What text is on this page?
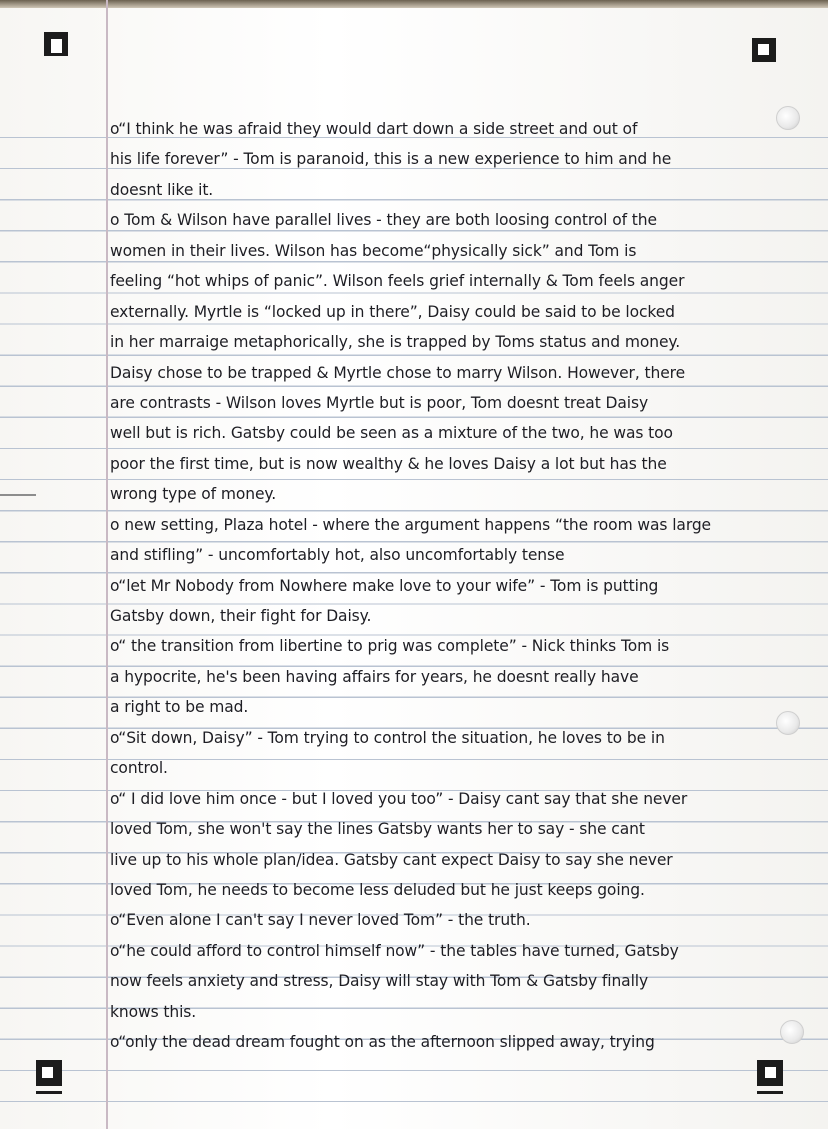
o“I think he was afraid they would dart down a side street and out of
his life forever” - Tom is paranoid, this is a new experience to him and he
doesnt like it.
o Tom & Wilson have parallel lives - they are both loosing control of the
women in their lives. Wilson has become“physically sick” and Tom is
feeling “hot whips of panic”. Wilson feels grief internally & Tom feels anger
externally. Myrtle is “locked up in there”, Daisy could be said to be locked
in her marraige metaphorically, she is trapped by Toms status and money.
Daisy chose to be trapped & Myrtle chose to marry Wilson. However, there
are contrasts - Wilson loves Myrtle but is poor, Tom doesnt treat Daisy
well but is rich. Gatsby could be seen as a mixture of the two, he was too
poor the first time, but is now wealthy & he loves Daisy a lot but has the
wrong type of money.
o new setting, Plaza hotel - where the argument happens “the room was large
and stifling” - uncomfortably hot, also uncomfortably tense
o“let Mr Nobody from Nowhere make love to your wife” - Tom is putting
Gatsby down, their fight for Daisy.
o“ the transition from libertine to prig was complete” - Nick thinks Tom is
a hypocrite, he's been having affairs for years, he doesnt really have
a right to be mad.
o“Sit down, Daisy” - Tom trying to control the situation, he loves to be in
control.
o“ I did love him once - but I loved you too” - Daisy cant say that she never
loved Tom, she won't say the lines Gatsby wants her to say - she cant
live up to his whole plan/idea. Gatsby cant expect Daisy to say she never
loved Tom, he needs to become less deluded but he just keeps going.
o“Even alone I can't say I never loved Tom” - the truth.
o“he could afford to control himself now” - the tables have turned, Gatsby
now feels anxiety and stress, Daisy will stay with Tom & Gatsby finally
knows this.
o“only the dead dream fought on as the afternoon slipped away, trying
